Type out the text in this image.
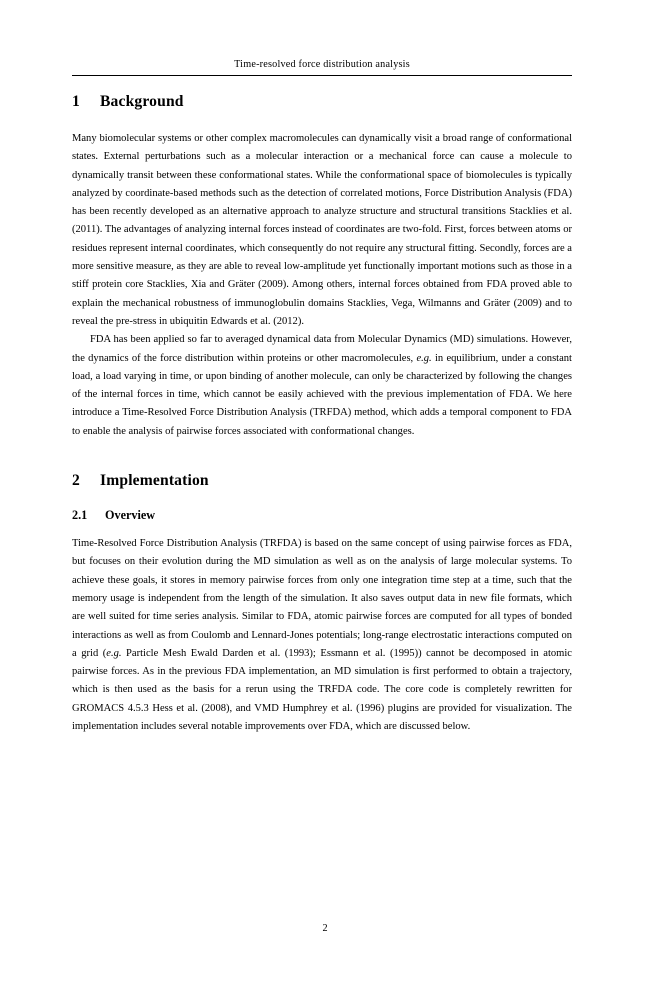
Time-resolved force distribution analysis
1 Background

Many biomolecular systems or other complex macromolecules can dynamically visit a broad range of conformational states. External perturbations such as a molecular interaction or a mechanical force can cause a molecule to dynamically transit between these conformational states. While the conformational space of biomolecules is typically analyzed by coordinate-based methods such as the detection of correlated motions, Force Distribution Analysis (FDA) has been recently developed as an alternative approach to analyze structure and structural transitions Stacklies et al. (2011). The advantages of analyzing internal forces instead of coordinates are two-fold. First, forces between atoms or residues represent internal coordinates, which consequently do not require any structural fitting. Secondly, forces are a more sensitive measure, as they are able to reveal low-amplitude yet functionally important motions such as those in a stiff protein core Stacklies, Xia and Gräter (2009). Among others, internal forces obtained from FDA proved able to explain the mechanical robustness of immunoglobulin domains Stacklies, Vega, Wilmanns and Gräter (2009) and to reveal the pre-stress in ubiquitin Edwards et al. (2012).

FDA has been applied so far to averaged dynamical data from Molecular Dynamics (MD) simulations. However, the dynamics of the force distribution within proteins or other macromolecules, e.g. in equilibrium, under a constant load, a load varying in time, or upon binding of another molecule, can only be characterized by following the changes of the internal forces in time, which cannot be easily achieved with the previous implementation of FDA. We here introduce a Time-Resolved Force Distribution Analysis (TRFDA) method, which adds a temporal component to FDA to enable the analysis of pairwise forces associated with conformational changes.

2 Implementation
2.1 Overview

Time-Resolved Force Distribution Analysis (TRFDA) is based on the same concept of using pairwise forces as FDA, but focuses on their evolution during the MD simulation as well as on the analysis of large molecular systems. To achieve these goals, it stores in memory pairwise forces from only one integration time step at a time, such that the memory usage is independent from the length of the simulation. It also saves output data in new file formats, which are well suited for time series analysis. Similar to FDA, atomic pairwise forces are computed for all types of bonded interactions as well as from Coulomb and Lennard-Jones potentials; long-range electrostatic interactions computed on a grid (e.g. Particle Mesh Ewald Darden et al. (1993); Essmann et al. (1995)) cannot be decomposed in atomic pairwise forces. As in the previous FDA implementation, an MD simulation is first performed to obtain a trajectory, which is then used as the basis for a rerun using the TRFDA code. The core code is completely rewritten for GROMACS 4.5.3 Hess et al. (2008), and VMD Humphrey et al. (1996) plugins are provided for visualization. The implementation includes several notable improvements over FDA, which are discussed below.

2
